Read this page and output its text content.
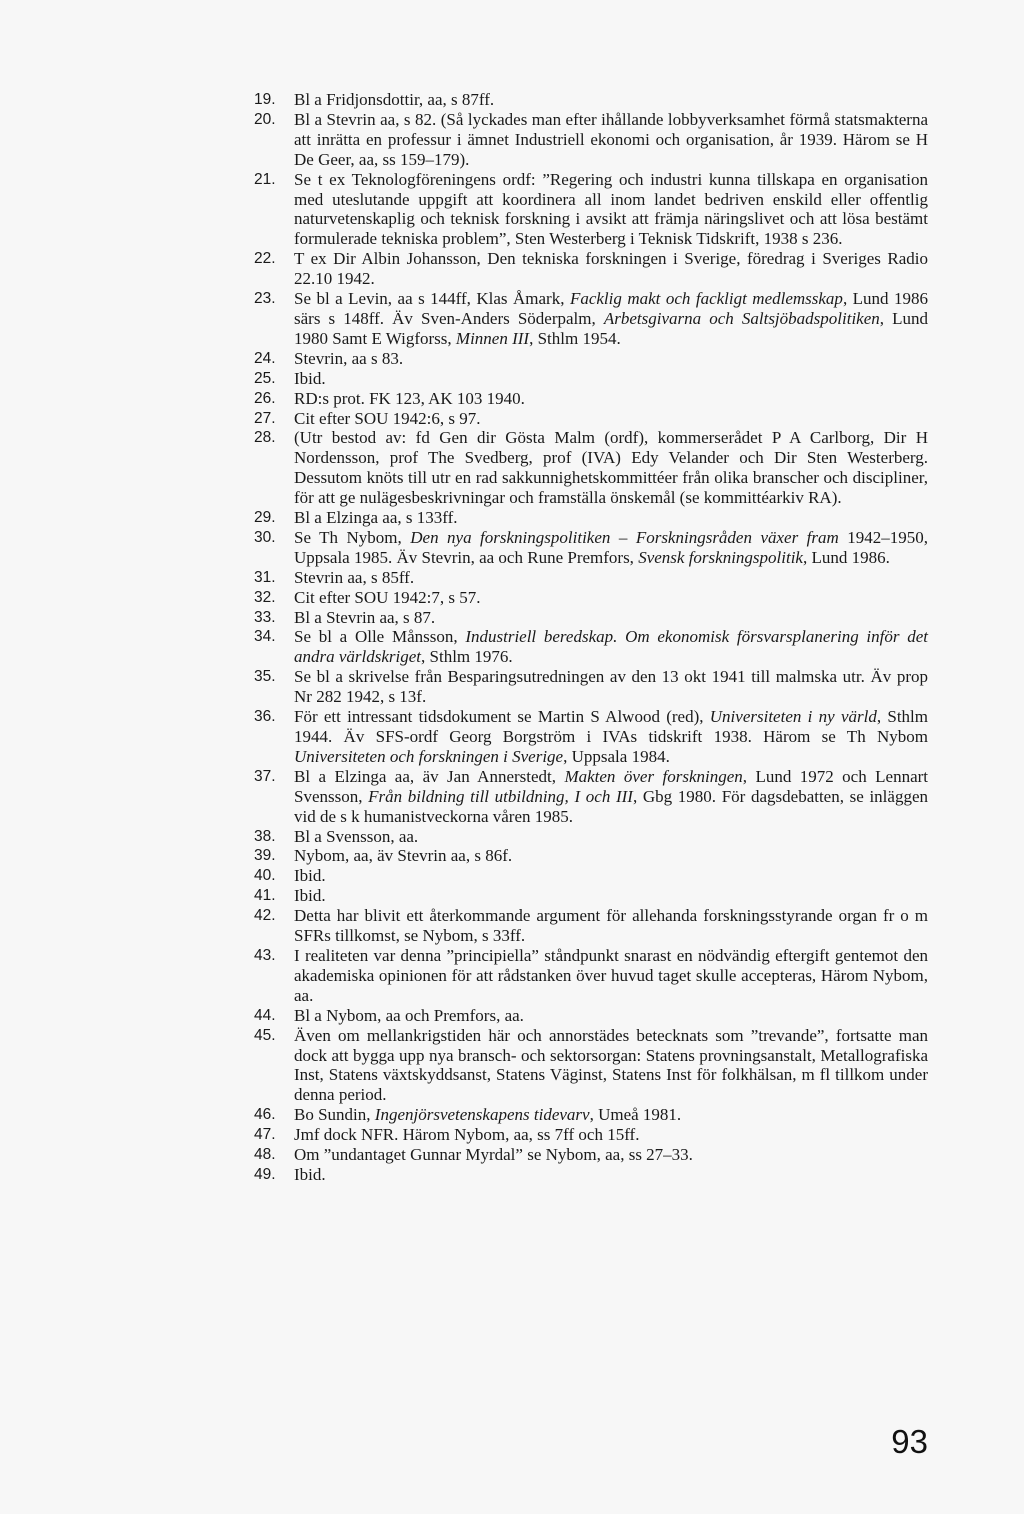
19.	Bl a Fridjonsdottir, aa, s 87ff.
20.	Bl a Stevrin aa, s 82. (Så lyckades man efter ihållande lobbyverksamhet förmå statsmakterna att inrätta en professur i ämnet Industriell ekonomi och organisation, år 1939. Härom se H De Geer, aa, ss 159–179).
21.	Se t ex Teknologföreningens ordf: ”Regering och industri kunna tillskapa en organisation med uteslutande uppgift att koordinera all inom landet bedriven enskild eller offentlig naturvetenskaplig och teknisk forskning i avsikt att främja näringslivet och att lösa bestämt formulerade tekniska problem”, Sten Westerberg i Teknisk Tidskrift, 1938 s 236.
22.	T ex Dir Albin Johansson, Den tekniska forskningen i Sverige, föredrag i Sveriges Radio 22.10 1942.
23.	Se bl a Levin, aa s 144ff, Klas Åmark, Facklig makt och fackligt medlemsskap, Lund 1986 särs s 148ff. Äv Sven-Anders Söderpalm, Arbetsgivarna och Saltsjöbadspolitiken, Lund 1980 Samt E Wigforss, Minnen III, Sthlm 1954.
24.	Stevrin, aa s 83.
25.	Ibid.
26.	RD:s prot. FK 123, AK 103 1940.
27.	Cit efter SOU 1942:6, s 97.
28.	(Utr bestod av: fd Gen dir Gösta Malm (ordf), kommerserådet P A Carlborg, Dir H Nordensson, prof The Svedberg, prof (IVA) Edy Velander och Dir Sten Westerberg. Dessutom knöts till utr en rad sakkunnighetskommittéer från olika branscher och discipliner, för att ge nulägesbeskrivningar och framställa önskemål (se kommittéarkiv RA).
29.	Bl a Elzinga aa, s 133ff.
30.	Se Th Nybom, Den nya forskningspolitiken – Forskningsråden växer fram 1942–1950, Uppsala 1985. Äv Stevrin, aa och Rune Premfors, Svensk forskningspolitik, Lund 1986.
31.	Stevrin aa, s 85ff.
32.	Cit efter SOU 1942:7, s 57.
33.	Bl a Stevrin aa, s 87.
34.	Se bl a Olle Månsson, Industriell beredskap. Om ekonomisk försvarsplanering inför det andra världskriget, Sthlm 1976.
35.	Se bl a skrivelse från Besparingsutredningen av den 13 okt 1941 till malmska utr. Äv prop Nr 282 1942, s 13f.
36.	För ett intressant tidsdokument se Martin S Alwood (red), Universiteten i ny värld, Sthlm 1944. Äv SFS-ordf Georg Borgström i IVAs tidskrift 1938. Härom se Th Nybom Universiteten och forskningen i Sverige, Uppsala 1984.
37.	Bl a Elzinga aa, äv Jan Annerstedt, Makten över forskningen, Lund 1972 och Lennart Svensson, Från bildning till utbildning, I och III, Gbg 1980. För dagsdebatten, se inläggen vid de s k humanistveckorna våren 1985.
38.	Bl a Svensson, aa.
39.	Nybom, aa, äv Stevrin aa, s 86f.
40.	Ibid.
41.	Ibid.
42.	Detta har blivit ett återkommande argument för allehanda forskningsstyrande organ fr o m SFRs tillkomst, se Nybom, s 33ff.
43.	I realiteten var denna ”principiella” ståndpunkt snarast en nödvändig eftergift gentemot den akademiska opinionen för att rådstanken över huvud taget skulle accepteras, Härom Nybom, aa.
44.	Bl a Nybom, aa och Premfors, aa.
45.	Även om mellankrigstiden här och annorstädes betecknats som ”trevande”, fortsatte man dock att bygga upp nya bransch- och sektorsorgan: Statens provningsanstalt, Metallografiska Inst, Statens växtskyddsanst, Statens Väginst, Statens Inst för folkhälsan, m fl tillkom under denna period.
46.	Bo Sundin, Ingenjörsvetenskapens tidevarv, Umeå 1981.
47.	Jmf dock NFR. Härom Nybom, aa, ss 7ff och 15ff.
48.	Om ”undantaget Gunnar Myrdal” se Nybom, aa, ss 27–33.
49.	Ibid.
93
